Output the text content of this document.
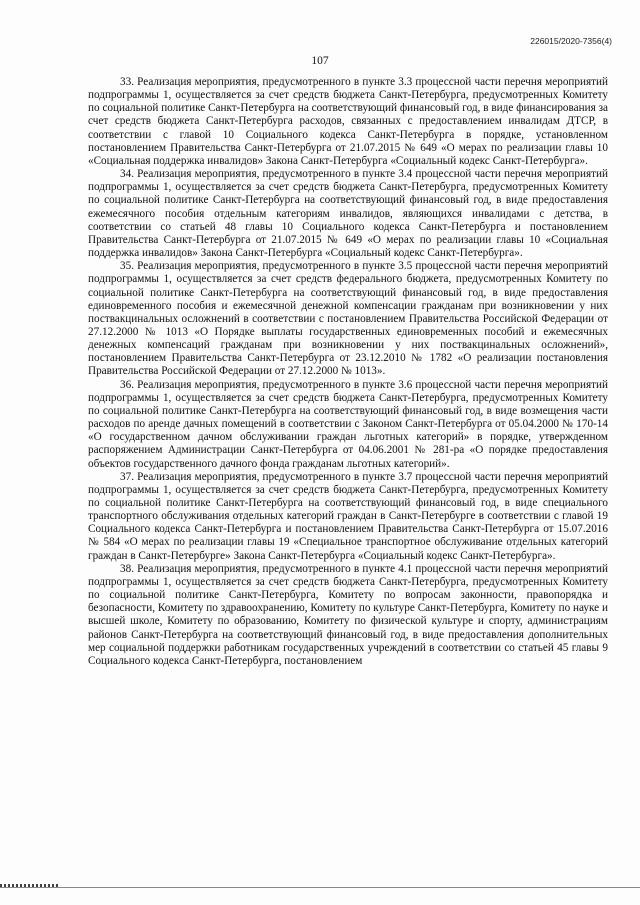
226015/2020-7356(4)
107

33. Реализация мероприятия, предусмотренного в пункте 3.3 процессной части перечня мероприятий подпрограммы 1, осуществляется за счет средств бюджета Санкт-Петербурга, предусмотренных Комитету по социальной политике Санкт-Петербурга на соответствующий финансовый год, в виде финансирования за счет средств бюджета Санкт-Петербурга расходов, связанных с предоставлением инвалидам ДТСР, в соответствии с главой 10 Социального кодекса Санкт-Петербурга в порядке, установленном постановлением Правительства Санкт-Петербурга от 21.07.2015 № 649 «О мерах по реализации главы 10 «Социальная поддержка инвалидов» Закона Санкт-Петербурга «Социальный кодекс Санкт-Петербурга».

34. Реализация мероприятия, предусмотренного в пункте 3.4 процессной части перечня мероприятий подпрограммы 1, осуществляется за счет средств бюджета Санкт-Петербурга, предусмотренных Комитету по социальной политике Санкт-Петербурга на соответствующий финансовый год, в виде предоставления ежемесячного пособия отдельным категориям инвалидов, являющихся инвалидами с детства, в соответствии со статьей 48 главы 10 Социального кодекса Санкт-Петербурга и постановлением Правительства Санкт-Петербурга от 21.07.2015 № 649 «О мерах по реализации главы 10 «Социальная поддержка инвалидов» Закона Санкт-Петербурга «Социальный кодекс Санкт-Петербурга».

35. Реализация мероприятия, предусмотренного в пункте 3.5 процессной части перечня мероприятий подпрограммы 1, осуществляется за счет средств федерального бюджета, предусмотренных Комитету по социальной политике Санкт-Петербурга на соответствующий финансовый год, в виде предоставления единовременного пособия и ежемесячной денежной компенсации гражданам при возникновении у них поствакцинальных осложнений в соответствии с постановлением Правительства Российской Федерации от 27.12.2000 № 1013 «О Порядке выплаты государственных единовременных пособий и ежемесячных денежных компенсаций гражданам при возникновении у них поствакцинальных осложнений», постановлением Правительства Санкт-Петербурга от 23.12.2010 № 1782 «О реализации постановления Правительства Российской Федерации от 27.12.2000 № 1013».

36. Реализация мероприятия, предусмотренного в пункте 3.6 процессной части перечня мероприятий подпрограммы 1, осуществляется за счет средств бюджета Санкт-Петербурга, предусмотренных Комитету по социальной политике Санкт-Петербурга на соответствующий финансовый год, в виде возмещения части расходов по аренде дачных помещений в соответствии с Законом Санкт-Петербурга от 05.04.2000 № 170-14 «О государственном дачном обслуживании граждан льготных категорий» в порядке, утвержденном распоряжением Администрации Санкт-Петербурга от 04.06.2001 № 281-ра «О порядке предоставления объектов государственного дачного фонда гражданам льготных категорий».

37. Реализация мероприятия, предусмотренного в пункте 3.7 процессной части перечня мероприятий подпрограммы 1, осуществляется за счет средств бюджета Санкт-Петербурга, предусмотренных Комитету по социальной политике Санкт-Петербурга на соответствующий финансовый год, в виде специального транспортного обслуживания отдельных категорий граждан в Санкт-Петербурге в соответствии с главой 19 Социального кодекса Санкт-Петербурга и постановлением Правительства Санкт-Петербурга от 15.07.2016 № 584 «О мерах по реализации главы 19 «Специальное транспортное обслуживание отдельных категорий граждан в Санкт-Петербурге» Закона Санкт-Петербурга «Социальный кодекс Санкт-Петербурга».

38. Реализация мероприятия, предусмотренного в пункте 4.1 процессной части перечня мероприятий подпрограммы 1, осуществляется за счет средств бюджета Санкт-Петербурга, предусмотренных Комитету по социальной политике Санкт-Петербурга, Комитету по вопросам законности, правопорядка и безопасности, Комитету по здравоохранению, Комитету по культуре Санкт-Петербурга, Комитету по науке и высшей школе, Комитету по образованию, Комитету по физической культуре и спорту, администрациям районов Санкт-Петербурга на соответствующий финансовый год, в виде предоставления дополнительных мер социальной поддержки работникам государственных учреждений в соответствии со статьей 45 главы 9 Социального кодекса Санкт-Петербурга, постановлением
